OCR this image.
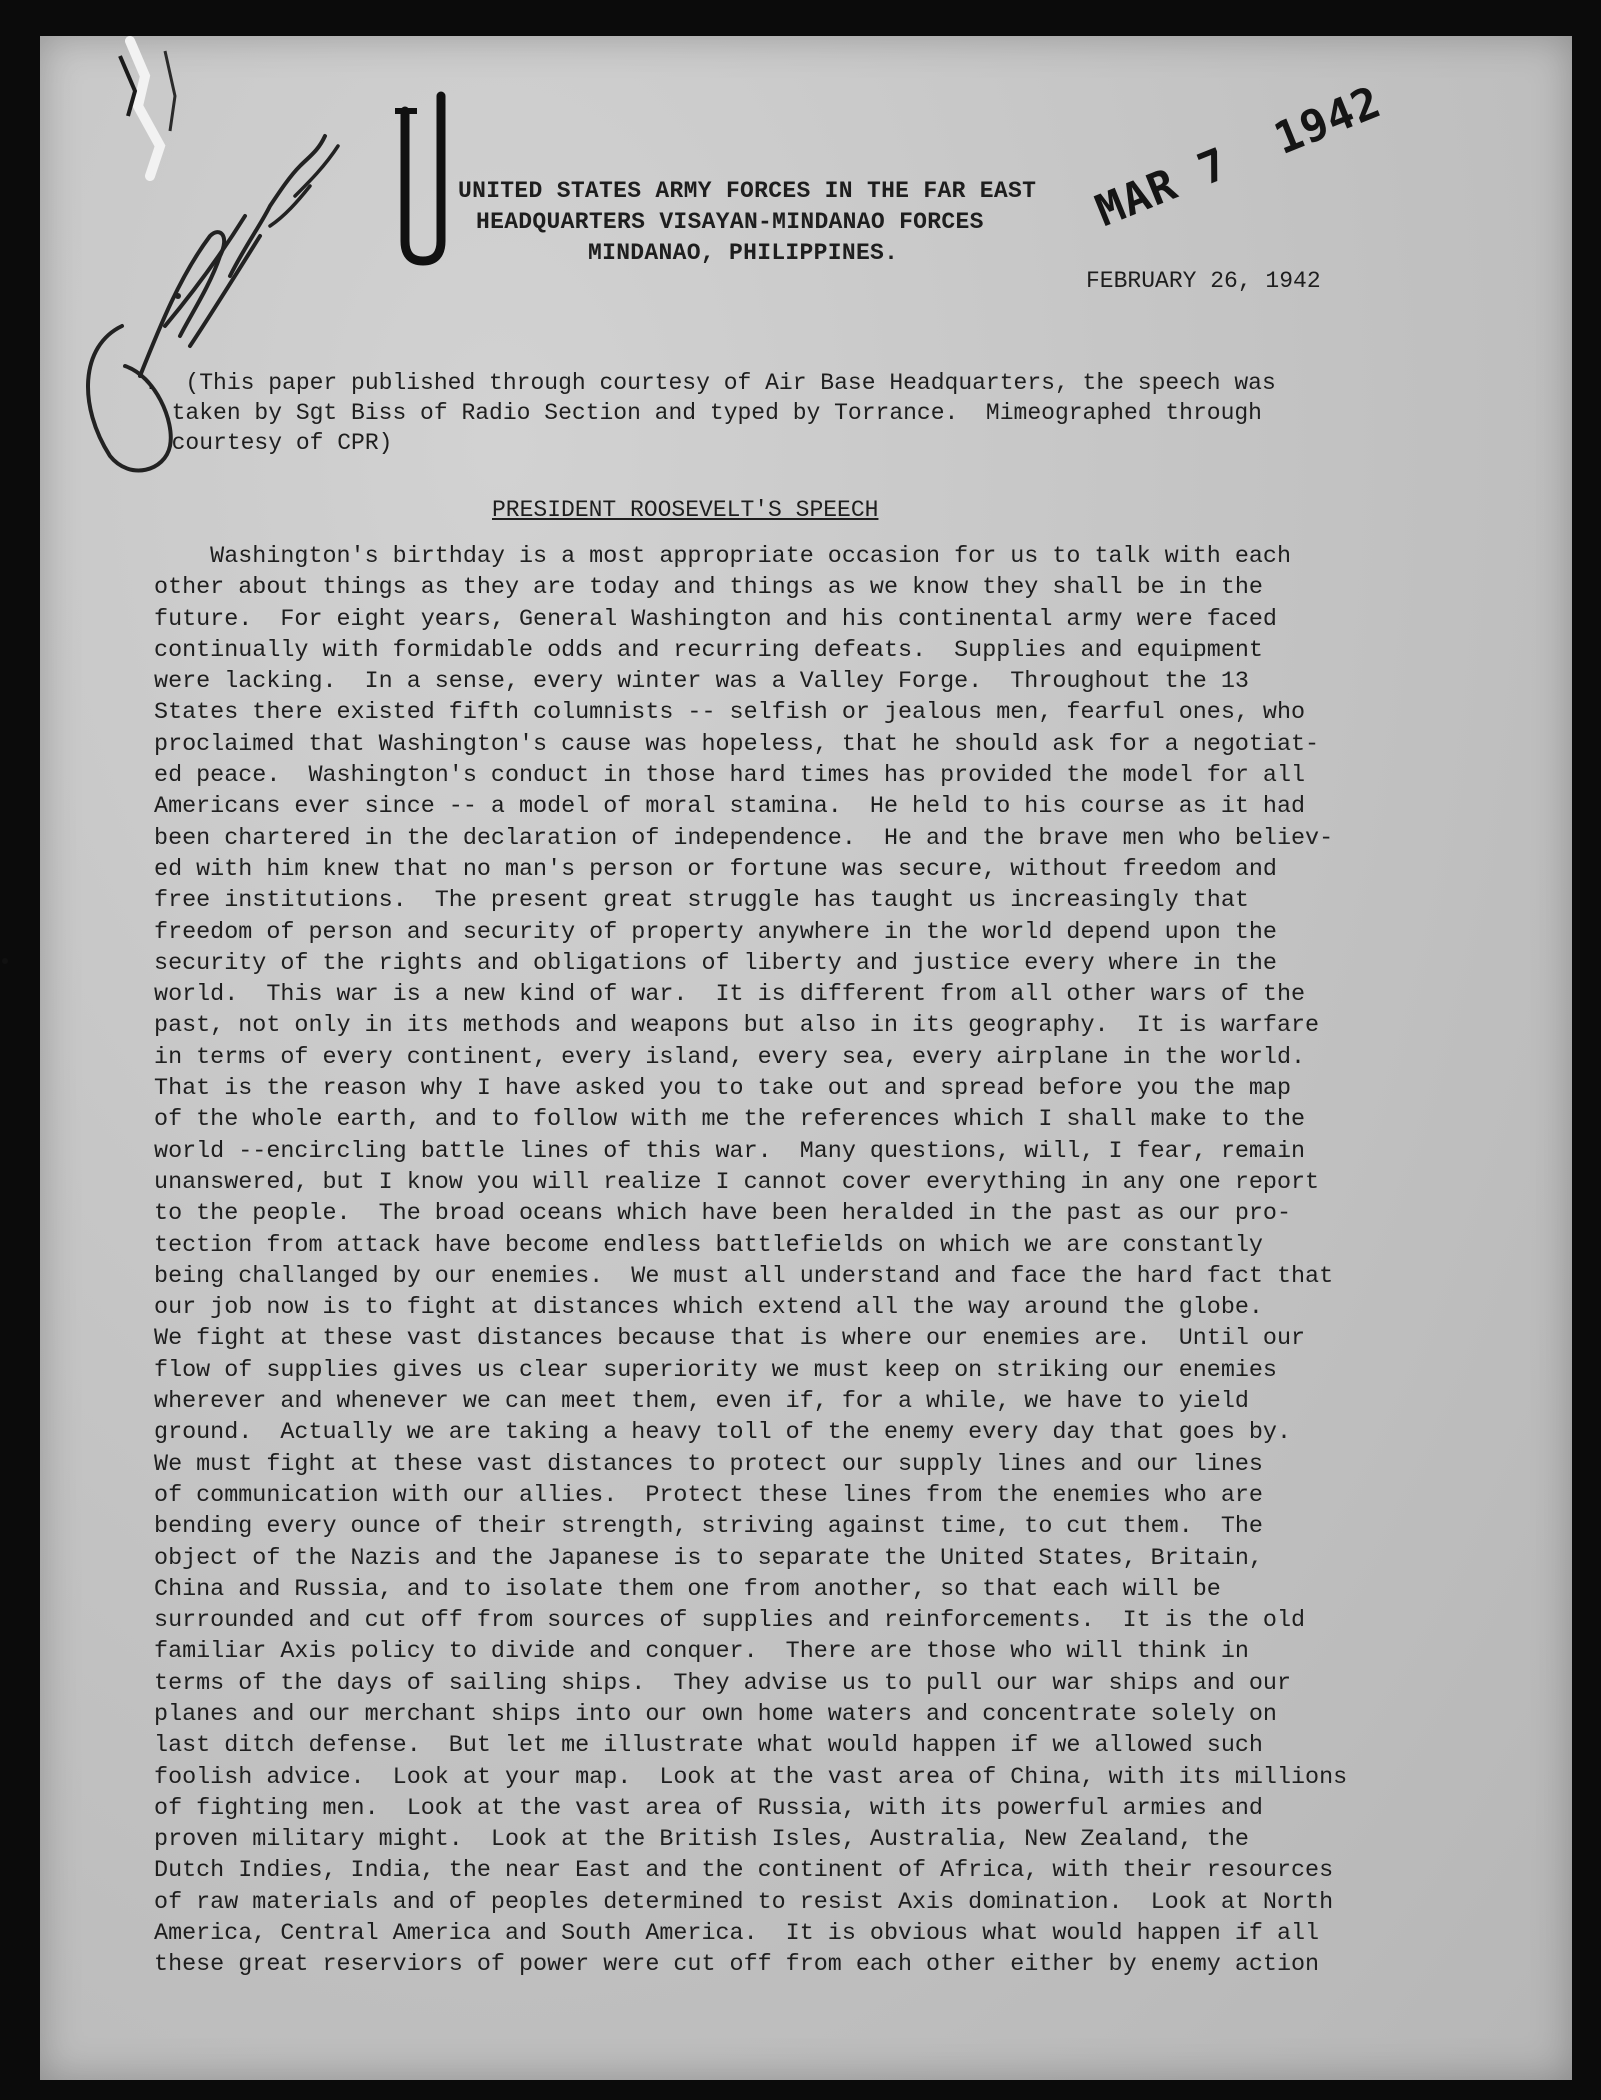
UNITED STATES ARMY FORCES IN THE FAR EAST
HEADQUARTERS VISAYAN-MINDANAO FORCES
MINDANAO, PHILIPPINES.
MAR 7  1942
FEBRUARY 26, 1942
.  (This paper published through courtesy of Air Base Headquarters, the speech was
taken by Sgt Biss of Radio Section and typed by Torrance.  Mimeographed through
courtesy of CPR)
PRESIDENT ROOSEVELT'S SPEECH
Washington's birthday is a most appropriate occasion for us to talk with each
other about things as they are today and things as we know they shall be in the
future.  For eight years, General Washington and his continental army were faced
continually with formidable odds and recurring defeats.  Supplies and equipment
were lacking.  In a sense, every winter was a Valley Forge.  Throughout the 13
States there existed fifth columnists -- selfish or jealous men, fearful ones, who
proclaimed that Washington's cause was hopeless, that he should ask for a negotiat-
ed peace.  Washington's conduct in those hard times has provided the model for all
Americans ever since -- a model of moral stamina.  He held to his course as it had
been chartered in the declaration of independence.  He and the brave men who believ-
ed with him knew that no man's person or fortune was secure, without freedom and
free institutions.  The present great struggle has taught us increasingly that
freedom of person and security of property anywhere in the world depend upon the
security of the rights and obligations of liberty and justice every where in the
world.  This war is a new kind of war.  It is different from all other wars of the
past, not only in its methods and weapons but also in its geography.  It is warfare
in terms of every continent, every island, every sea, every airplane in the world.
That is the reason why I have asked you to take out and spread before you the map
of the whole earth, and to follow with me the references which I shall make to the
world --encircling battle lines of this war.  Many questions, will, I fear, remain
unanswered, but I know you will realize I cannot cover everything in any one report
to the people.  The broad oceans which have been heralded in the past as our pro-
tection from attack have become endless battlefields on which we are constantly
being challanged by our enemies.  We must all understand and face the hard fact that
our job now is to fight at distances which extend all the way around the globe.
We fight at these vast distances because that is where our enemies are.  Until our
flow of supplies gives us clear superiority we must keep on striking our enemies
wherever and whenever we can meet them, even if, for a while, we have to yield
ground.  Actually we are taking a heavy toll of the enemy every day that goes by.
We must fight at these vast distances to protect our supply lines and our lines
of communication with our allies.  Protect these lines from the enemies who are
bending every ounce of their strength, striving against time, to cut them.  The
object of the Nazis and the Japanese is to separate the United States, Britain,
China and Russia, and to isolate them one from another, so that each will be
surrounded and cut off from sources of supplies and reinforcements.  It is the old
familiar Axis policy to divide and conquer.  There are those who will think in
terms of the days of sailing ships.  They advise us to pull our war ships and our
planes and our merchant ships into our own home waters and concentrate solely on
last ditch defense.  But let me illustrate what would happen if we allowed such
foolish advice.  Look at your map.  Look at the vast area of China, with its millions
of fighting men.  Look at the vast area of Russia, with its powerful armies and
proven military might.  Look at the British Isles, Australia, New Zealand, the
Dutch Indies, India, the near East and the continent of Africa, with their resources
of raw materials and of peoples determined to resist Axis domination.  Look at North
America, Central America and South America.  It is obvious what would happen if all
these great reserviors of power were cut off from each other either by enemy action
